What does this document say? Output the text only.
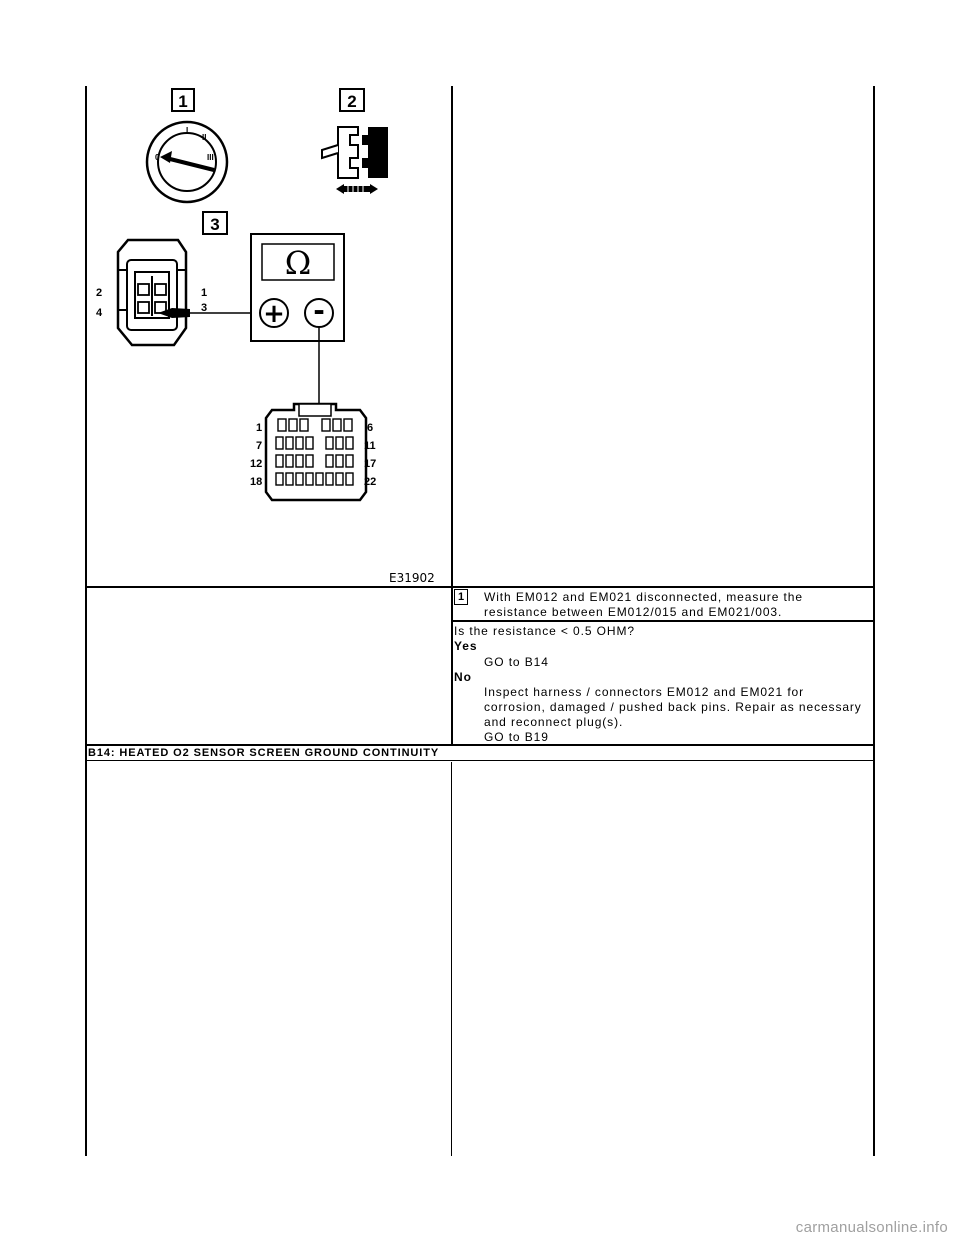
1	2
3
0
I
II
III
2
4
1
3
Ω
+ -
1
7
12
18
6
11
17
22
E31902
1	With EM012 and EM021 disconnected, measure the
resistance between EM012/015 and EM021/003.
Is the resistance < 0.5 OHM?
Yes
GO to B14
No
Inspect harness / connectors EM012 and EM021 for
corrosion, damaged / pushed back pins. Repair as necessary
and reconnect plug(s).
GO to B19
B14: HEATED O2 SENSOR SCREEN GROUND CONTINUITY
carmanualsonline.info
